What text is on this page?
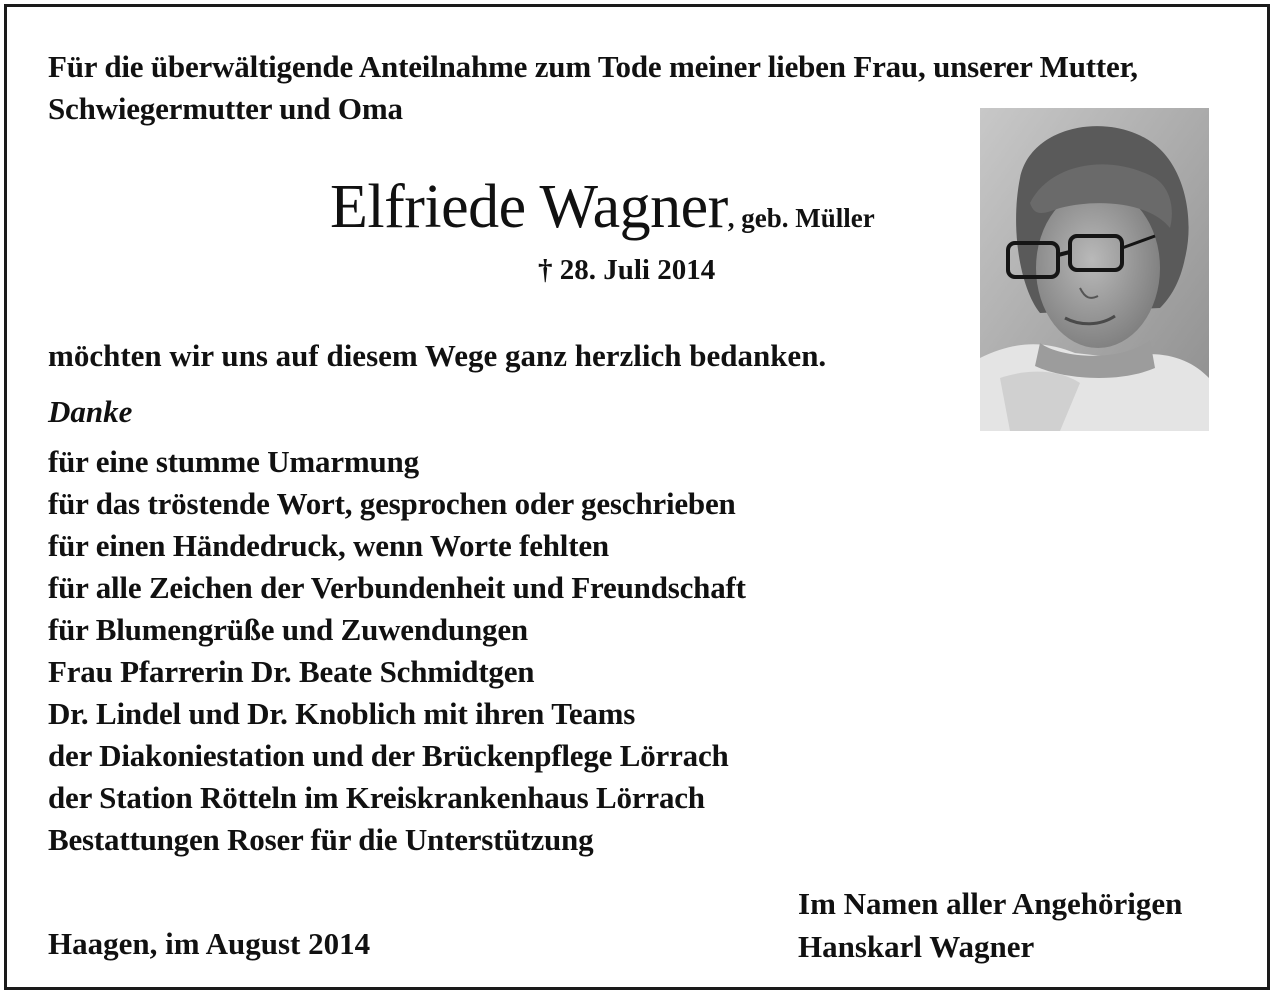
Für die überwältigende Anteilnahme zum Tode meiner lieben Frau, unserer Mutter, Schwiegermutter und Oma
Elfriede Wagner, geb. Müller
† 28. Juli 2014
möchten wir uns auf diesem Wege ganz herzlich bedanken.
Danke
für eine stumme Umarmung
für das tröstende Wort, gesprochen oder geschrieben
für einen Händedruck, wenn Worte fehlten
für alle Zeichen der Verbundenheit und Freundschaft
für Blumengrüße und Zuwendungen
Frau Pfarrerin Dr. Beate Schmidtgen
Dr. Lindel und Dr. Knoblich mit ihren Teams
der Diakoniestation und der Brückenpflege Lörrach
der Station Rötteln im Kreiskrankenhaus Lörrach
Bestattungen Roser für die Unterstützung
Haagen, im August 2014
Im Namen aller Angehörigen
Hanskarl Wagner
